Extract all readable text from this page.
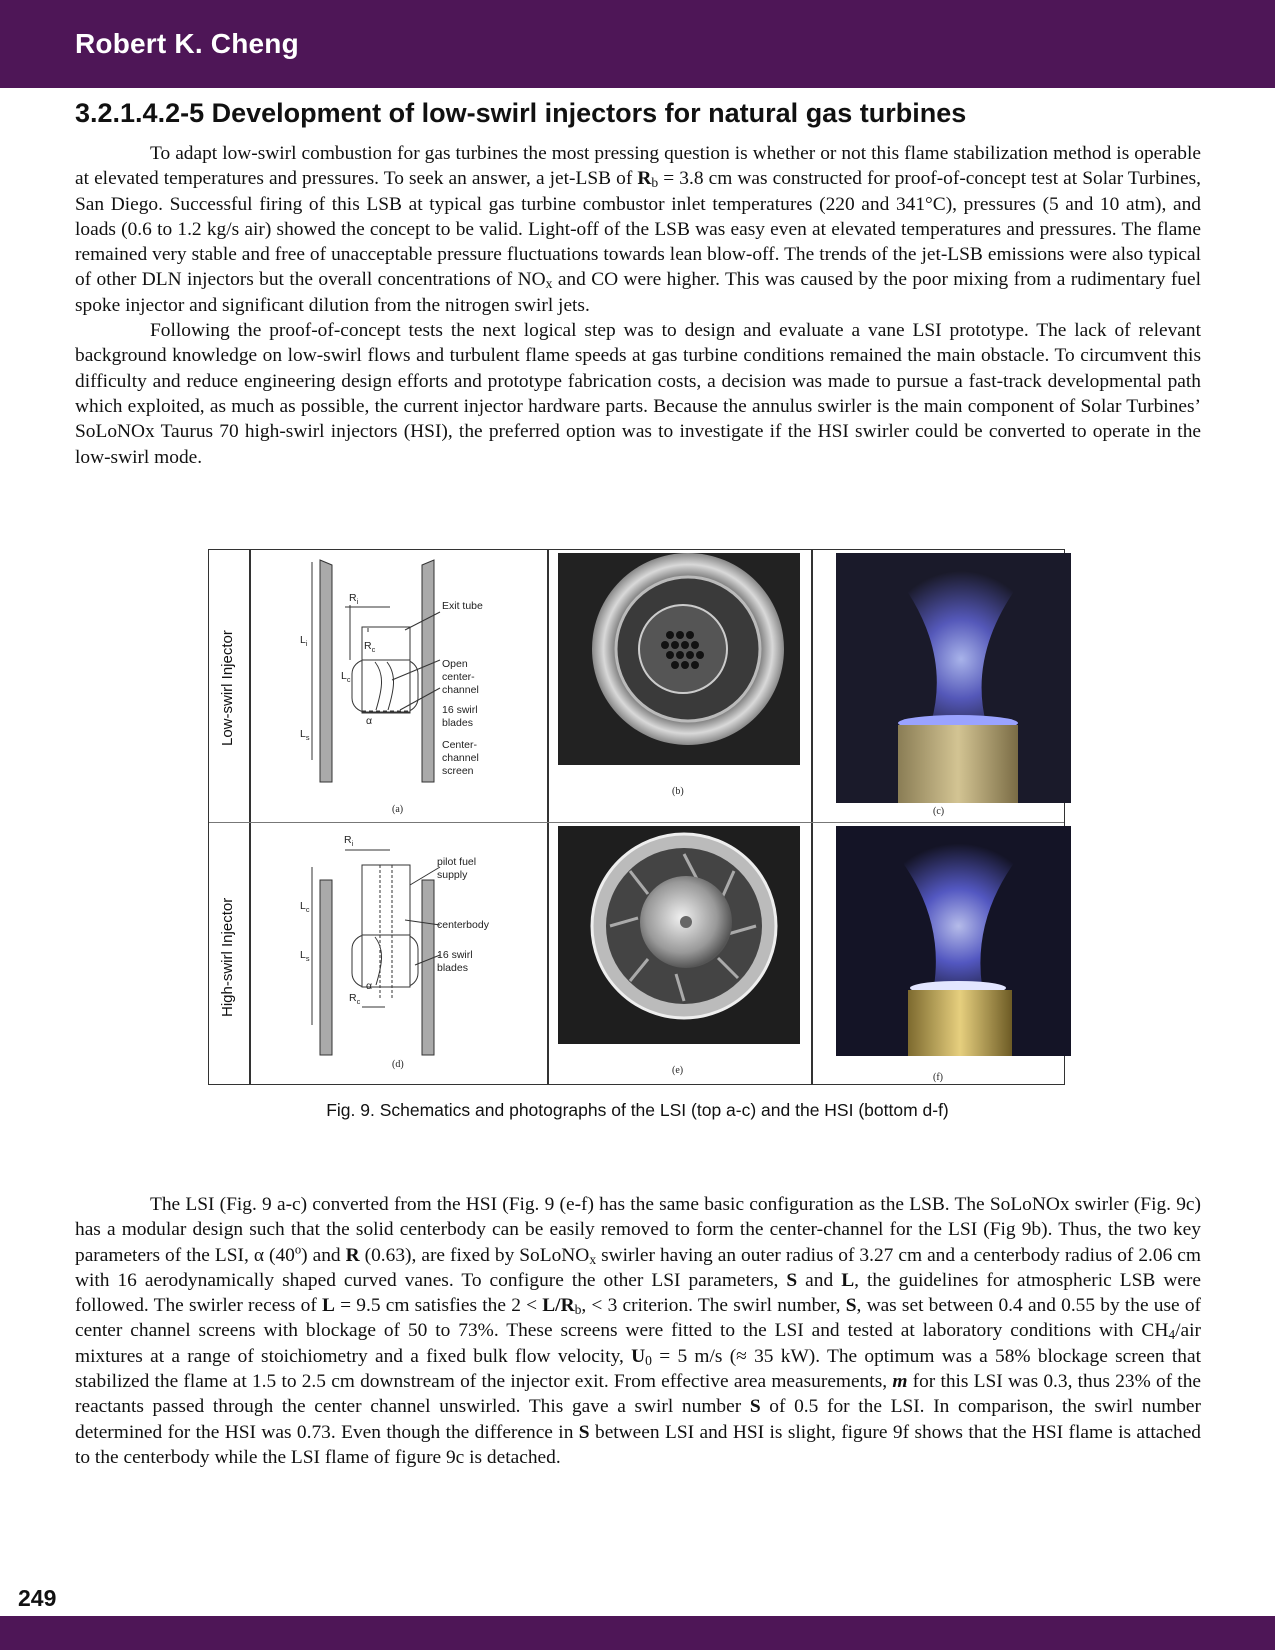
Robert K. Cheng
3.2.1.4.2-5 Development of low-swirl injectors for natural gas turbines

To adapt low-swirl combustion for gas turbines the most pressing question is whether or not this flame stabilization method is operable at elevated temperatures and pressures. To seek an answer, a jet-LSB of $R_b = 3.8$ cm was constructed for proof-of-concept test at Solar Turbines, San Diego. Successful firing of this LSB at typical gas turbine combustor inlet temperatures (220 and 341°C), pressures (5 and 10 atm), and loads (0.6 to 1.2 kg/s air) showed the concept to be valid. Light-off of the LSB was easy even at elevated temperatures and pressures. The flame remained very stable and free of unacceptable pressure fluctuations towards lean blow-off. The trends of the jet-LSB emissions were also typical of other DLN injectors but the overall concentrations of $NO_x$ and CO were higher. This was caused by the poor mixing from a rudimentary fuel spoke injector and significant dilution from the nitrogen swirl jets.

Following the proof-of-concept tests the next logical step was to design and evaluate a vane LSI prototype. The lack of relevant background knowledge on low-swirl flows and turbulent flame speeds at gas turbine conditions remained the main obstacle. To circumvent this difficulty and reduce engineering design efforts and prototype fabrication costs, a decision was made to pursue a fast-track developmental path which exploited, as much as possible, the current injector hardware parts. Because the annulus swirler is the main component of Solar Turbines’ SoLoNOx Taurus 70 high-swirl injectors (HSI), the preferred option was to investigate if the HSI swirler could be converted to operate in the low-swirl mode.

Low-swirl Injector
High-swirl Injector
Exit tube
Open
center-
channel
16 swirl
blades
Center-
channel
screen
$R_i$
$R_c$
$L_i$
$L_c$
$L_s$
α
(a)
(b)
(c)
pilot fuel
supply
centerbody
16 swirl
blades
$R_i$
$R_c$
$L_c$
$L_s$
α
(d)
(e)
(f)
Fig. 9. Schematics and photographs of the LSI (top a-c) and the HSI (bottom d-f)

The LSI (Fig. 9 a-c) converted from the HSI (Fig. 9 (e-f) has the same basic configuration as the LSB. The SoLoNOx swirler (Fig. 9c) has a modular design such that the solid centerbody can be easily removed to form the center-channel for the LSI (Fig 9b). Thus, the two key parameters of the LSI, α (40$^o$) and R (0.63), are fixed by SoLoNO$_x$ swirler having an outer radius of 3.27 cm and a centerbody radius of 2.06 cm with 16 aerodynamically shaped curved vanes. To configure the other LSI parameters, S and L, the guidelines for atmospheric LSB were followed. The swirler recess of L = 9.5 cm satisfies the $2 < L/R_b$, < 3 criterion. The swirl number, S, was set between 0.4 and 0.55 by the use of center channel screens with blockage of 50 to 73%. These screens were fitted to the LSI and tested at laboratory conditions with $CH_4$/air mixtures at a range of stoichiometry and a fixed bulk flow velocity, $U_0 = 5$ m/s (≈ 35 kW). The optimum was a 58% blockage screen that stabilized the flame at 1.5 to 2.5 cm downstream of the injector exit. From effective area measurements, m for this LSI was 0.3, thus 23% of the reactants passed through the center channel unswirled. This gave a swirl number S of 0.5 for the LSI. In comparison, the swirl number determined for the HSI was 0.73. Even though the difference in S between LSI and HSI is slight, figure 9f shows that the HSI flame is attached to the centerbody while the LSI flame of figure 9c is detached.

249
